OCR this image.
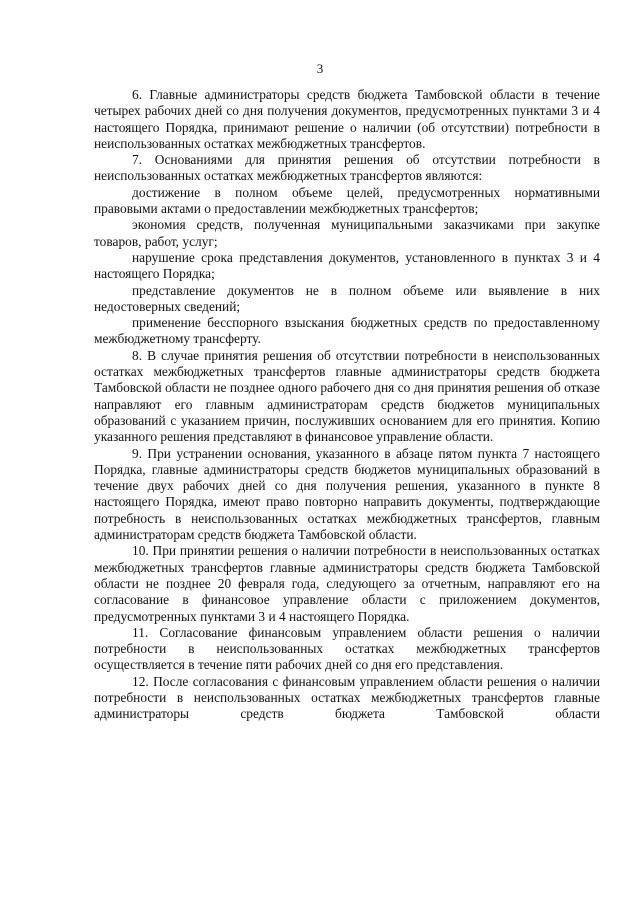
3

6. Главные администраторы средств бюджета Тамбовской области в течение четырех рабочих дней со дня получения документов, предусмотренных пунктами 3 и 4 настоящего Порядка, принимают решение о наличии (об отсутствии) потребности в неиспользованных остатках межбюджетных трансфертов.

7. Основаниями для принятия решения об отсутствии потребности в неиспользованных остатках межбюджетных трансфертов являются:

достижение в полном объеме целей, предусмотренных нормативными правовыми актами о предоставлении межбюджетных трансфертов;

экономия средств, полученная муниципальными заказчиками при закупке товаров, работ, услуг;

нарушение срока представления документов, установленного в пунктах 3 и 4 настоящего Порядка;

представление документов не в полном объеме или выявление в них недостоверных сведений;

применение бесспорного взыскания бюджетных средств по предоставленному межбюджетному трансферту.

8. В случае принятия решения об отсутствии потребности в неиспользованных остатках межбюджетных трансфертов главные администраторы средств бюджета Тамбовской области не позднее одного рабочего дня со дня принятия решения об отказе направляют его главным администраторам средств бюджетов муниципальных образований с указанием причин, послуживших основанием для его принятия. Копию указанного решения представляют в финансовое управление области.

9. При устранении основания, указанного в абзаце пятом пункта 7 настоящего Порядка, главные администраторы средств бюджетов муниципальных образований в течение двух рабочих дней со дня получения решения, указанного в пункте 8 настоящего Порядка, имеют право повторно направить документы, подтверждающие потребность в неиспользованных остатках межбюджетных трансфертов, главным администраторам средств бюджета Тамбовской области.

10. При принятии решения о наличии потребности в неиспользованных остатках межбюджетных трансфертов главные администраторы средств бюджета Тамбовской области не позднее 20 февраля года, следующего за отчетным, направляют его на согласование в финансовое управление области с приложением документов, предусмотренных пунктами 3 и 4 настоящего Порядка.

11. Согласование финансовым управлением области решения о наличии потребности в неиспользованных остатках межбюджетных трансфертов осуществляется в течение пяти рабочих дней со дня его представления.

12. После согласования с финансовым управлением области решения о наличии потребности в неиспользованных остатках межбюджетных трансфертов главные администраторы средств бюджета Тамбовской области
